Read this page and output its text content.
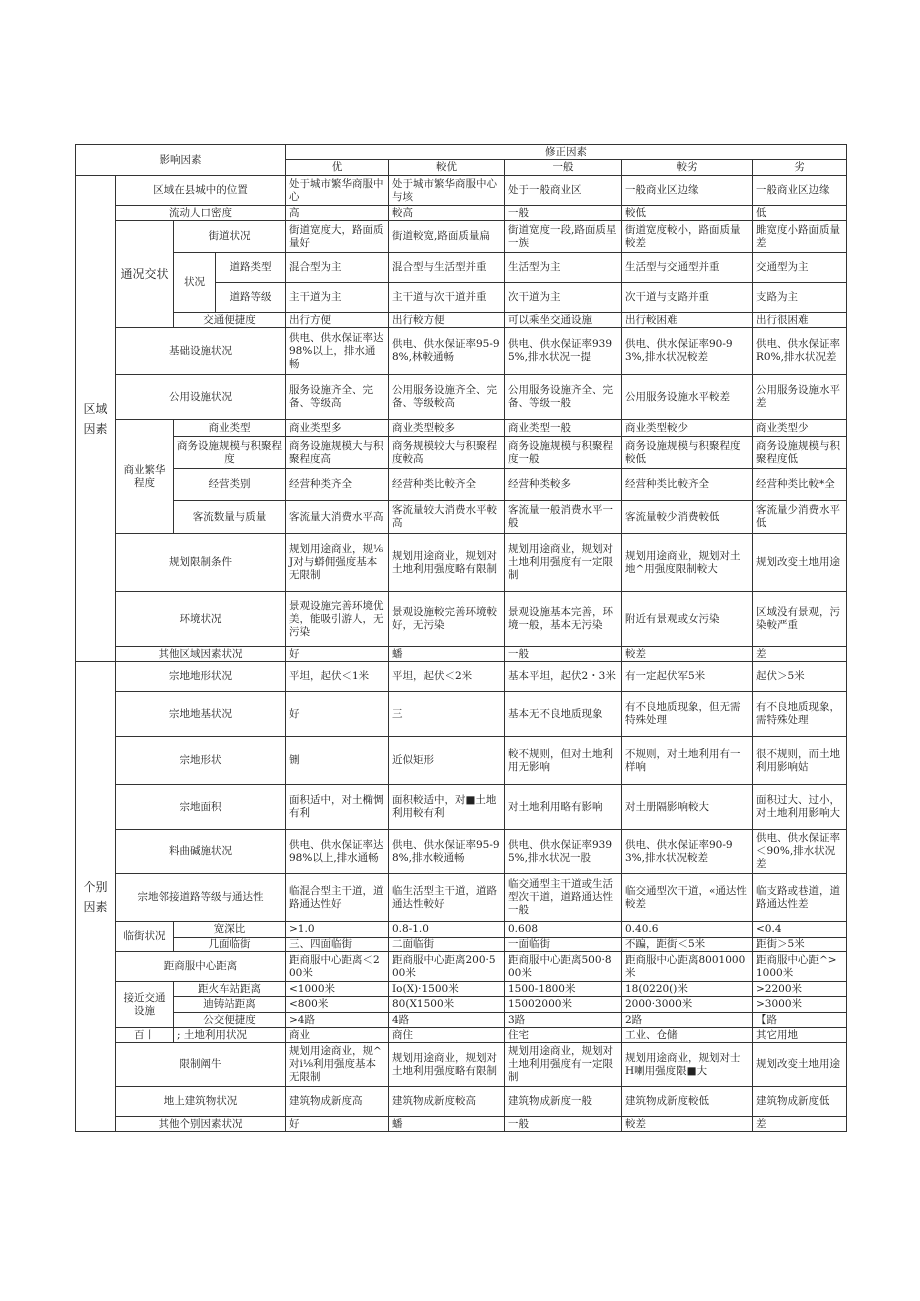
影响因素				修正因素				
				优	較优	一般	較劣	劣
区域因素	区域在县城中的位置			处于城市繁华商服中心	处于城市繁华商服中心与垓	处于一般商业区	一般商业区边缘	一般商业区边缘
	流动人口密度			高	較高	一般	較低	低
	通况交状	街道状况		街道宽度大，路面质量好	街道較宽,路面质量扁	街道宽度一段,路面质星一族	街道宽度較小，路面质量較差	雎宽度小路面质量差
		状况	道路类型	混合型为主	混合型与生活型并重	生活型为主	生活型与交通型并重	交通型为主
			道路等级	主干道为主	主干道与次干道并重	次干道为主	次干道与支路并重	支路为主
		交通便捷度		出行方便	出行較方便	可以乘坐交通设施	出行較困难	出行很困难
	基础设施状况			供电、供水保证率达98%以上，排水通畅	供电、供水保证率95-98%,林較通畅	供电、供水保证率9395%,排水状况一提	供电、供水保证率90-93%,排水状况較差	供电、供水保证率R0%,排水状况差
	公用设施状况			服务设施齐全、完备、等级高	公用服务设施齐全、完备、等级較高	公用服务设施齐全、完备、等级一般	公用服务设施水平較差	公用服务设施水平差
	商业繁华程度	商业类型		商业类型多	商业类型較多	商业类型一般	商业类型較少	商业类型少
		商务设施规模与积聚程度		商务设施规模大与积聚程度高	商务规模较大与积聚程度較高	商务设施规模与积聚程度一般	商务设施规模与积聚程度較低	商务设施规模与积聚程度低
		经营类别		经营种类齐全	经营种类比較齐全	经营种类較多	经营种类比較齐全	经营种类比較*全
		客流数量与质量		客流量大消费水平高	客流量较大消费水平較高	客流量一般消费水平一般	客流量較少消费較低	客流量少消费水平低
	规划限制条件			规划用途商业，规⅙J对与蟒佣强度基本无限制	规划用途商业，规划对土地利用强度略有限制	规划用途商业，规划对土地利用强度有一定限制	规划用途商业，规划对土地^用强度限制較大	规划改变土地用途
	环境状况			景观设施完善环境优美，能吸引游人，无污染	景观设施較完善环境較好，无污染	景观设施基本完善，环境一般，基本无污染	附近有景观或女污染	区域没有景观，污染較严重
	其他区域因素状况			好	蟠	一般	較差	差
个别因素	宗地地形状况			平坦，起伏＜1米	平坦，起伏＜2米	基本平坦，起伏2・3米	有一定起伏军5米	起伏＞5米
	宗地地基状况			好	三	基本无不良地质现象	有不良地质现象，但无需特殊处理	有不良地质现象，需特殊处理
	宗地形状			铏	近似矩形	較不规则，但对土地利用无影响	不规则，对土地利用有一样响	很不规则，而土地利用影响姑
	宗地面积			面积适中，对土椭惆有利	面积較适中，对■土地利用較有利	对土地利用略有影响	对土册隔影响較大	面积过大、过小，对土地利用影响大
	料曲碱施状况			供电、供水保证率达98%以上,排水通畅	供电、供水保证率95-98%,排水較通畅	供电、供水保证率9395%,排水状况一股	供电、供水保证率90-93%,排水状况較差	供电、供水保证率＜90%,排水状况差
	宗地邻接道路等级与通达性			临混合型主干道，道路通达性好	临生活型主干道，道路通达性較好	临交通型主干道或生活型次干道，道路通达性一般	临交通型次干道，«通达性較差	临支路或巷道，道路通达性差
	临街状况	宽深比		>1.0	0.8-1.0	0.608	0.40.6	<0.4
		几面临街		三、四面临街	二面临街	一面临街	不蹁，距街＜5米	距街＞5米
	距商服中心距离			距商服中心距离＜200米	距商服中心距离200·500米	距商服中心距离500·800米	距商服中心距离8001000米	距商服中心距^>1000米
	接近交通设施	距火车站距离		<1000米	Io(X)·1500米	1500-1800米	18(0220()米	>2200米
		迪铸站距离		<800米	80(X1500米	15002000米	2000·3000米	>3000米
		公交便捷度		>4路	4路	3路	2路	【路
	百丨	; 土地利用状况		商业	商住	住宅	工业、仓储	其它用地
	限制阐牛			规划用途商业，规^对i⅛利用强度基本无限制	规划用途商业，规划对土地利用强度略有限制	规划用途商业，规划对土地利用强度有一定限制	规划用途商业，规划对士H喇用强度限■大	规划改变土地用途
	地上建筑物状况			建筑物成新度高	建筑物成新度較高	建筑物成新度一般	建筑物成新度較低	建筑物成新度低
	其他个别因素状况			好	蟠	一般	較差	差
